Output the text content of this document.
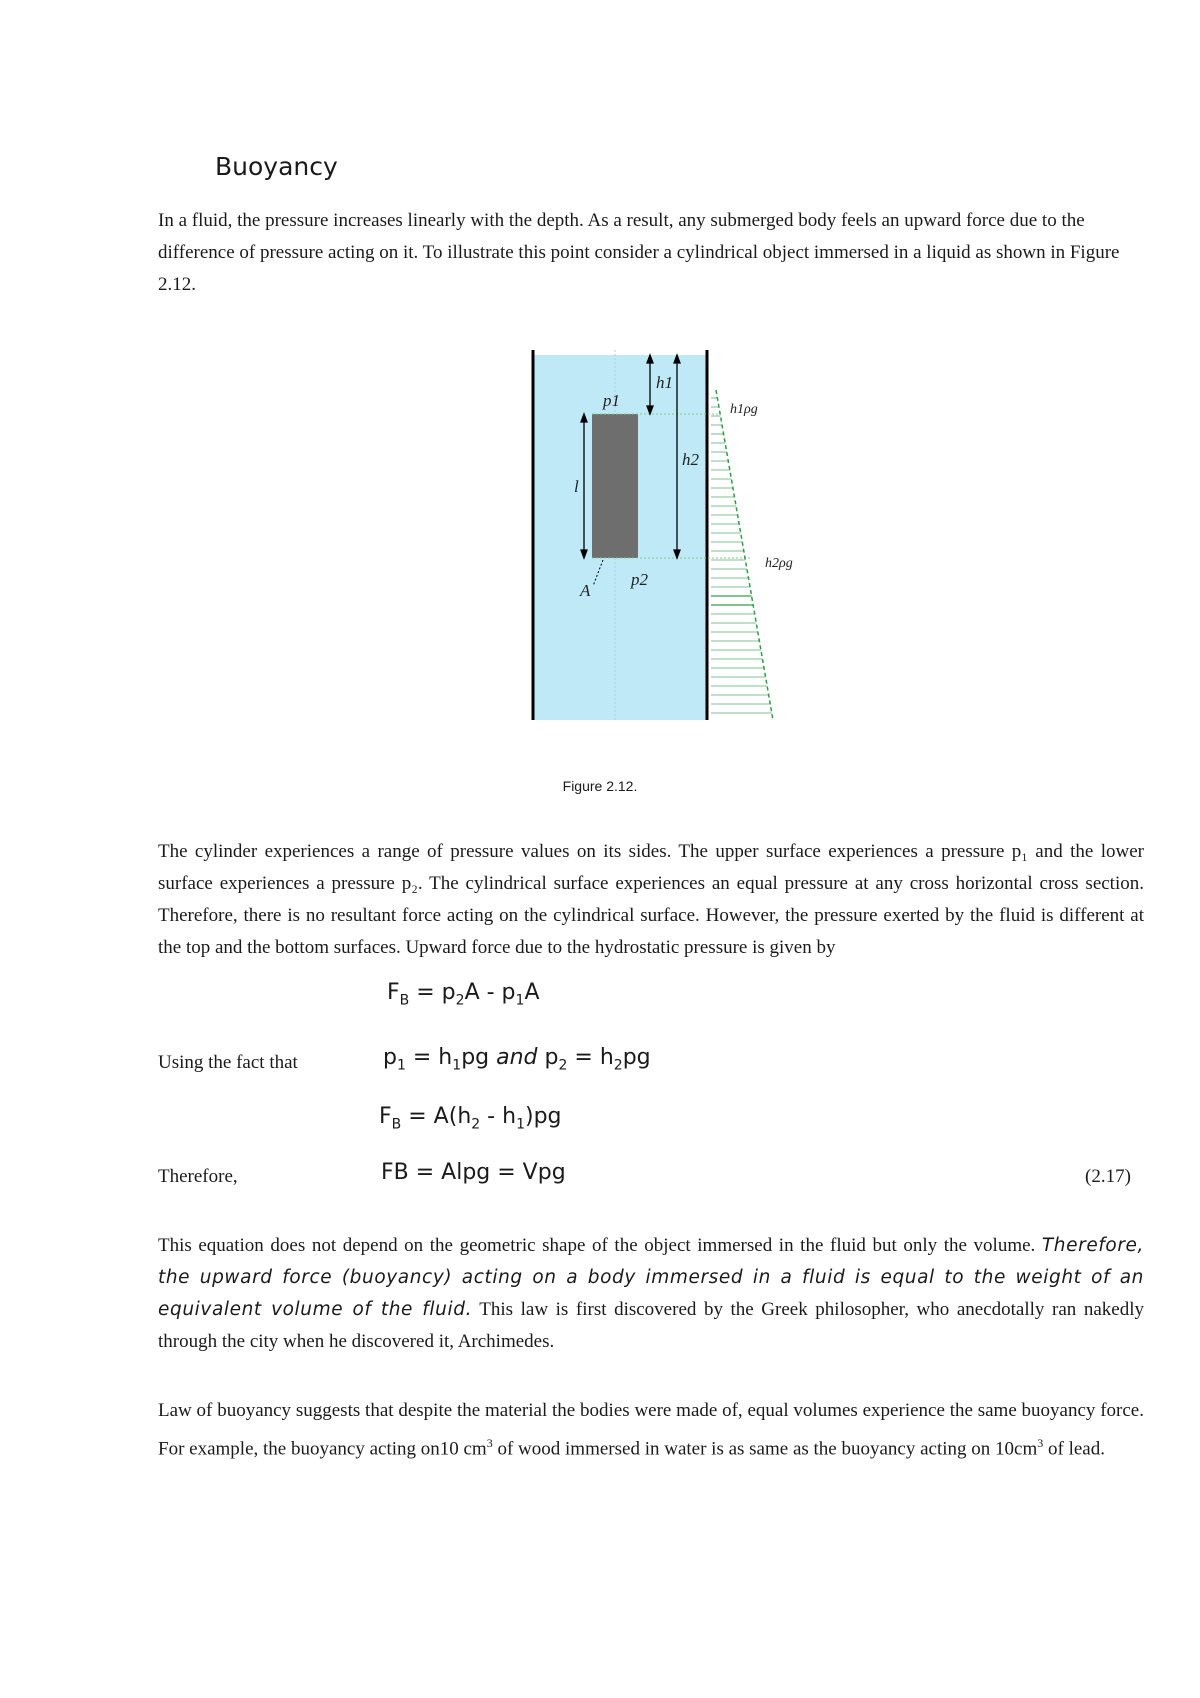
Buoyancy

In a fluid, the pressure increases linearly with the depth. As a result, any submerged body feels an upward force due to the difference of pressure acting on it. To illustrate this point consider a cylindrical object immersed in a liquid as shown in Figure 2.12.

p1
h1
h2
l
p2
A
h1ρg
h2ρg
Figure 2.12.

The cylinder experiences a range of pressure values on its sides. The upper surface experiences a pressure p₁ and the lower surface experiences a pressure p₂. The cylindrical surface experiences an equal pressure at any cross horizontal cross section. Therefore, there is no resultant force acting on the cylindrical surface. However, the pressure exerted by the fluid is different at the top and the bottom surfaces. Upward force due to the hydrostatic pressure is given by

$F_B = p_2A - p_1A$
Using the fact that	$p_1 = h_1pg$ and $p_2 = h_2pg$
$F_B = A(h_2 - h_1)pg$
Therefore,	FB = Alpg = Vpg	(2.17)

This equation does not depend on the geometric shape of the object immersed in the fluid but only the volume. Therefore, the upward force (buoyancy) acting on a body immersed in a fluid is equal to the weight of an equivalent volume of the fluid. This law is first discovered by the Greek philosopher, who anecdotally ran nakedly through the city when he discovered it, Archimedes.

Law of buoyancy suggests that despite the material the bodies were made of, equal volumes experience the same buoyancy force. For example, the buoyancy acting on10 $cm^3$ of wood immersed in water is as same as the buoyancy acting on $10cm^3$ of lead.
